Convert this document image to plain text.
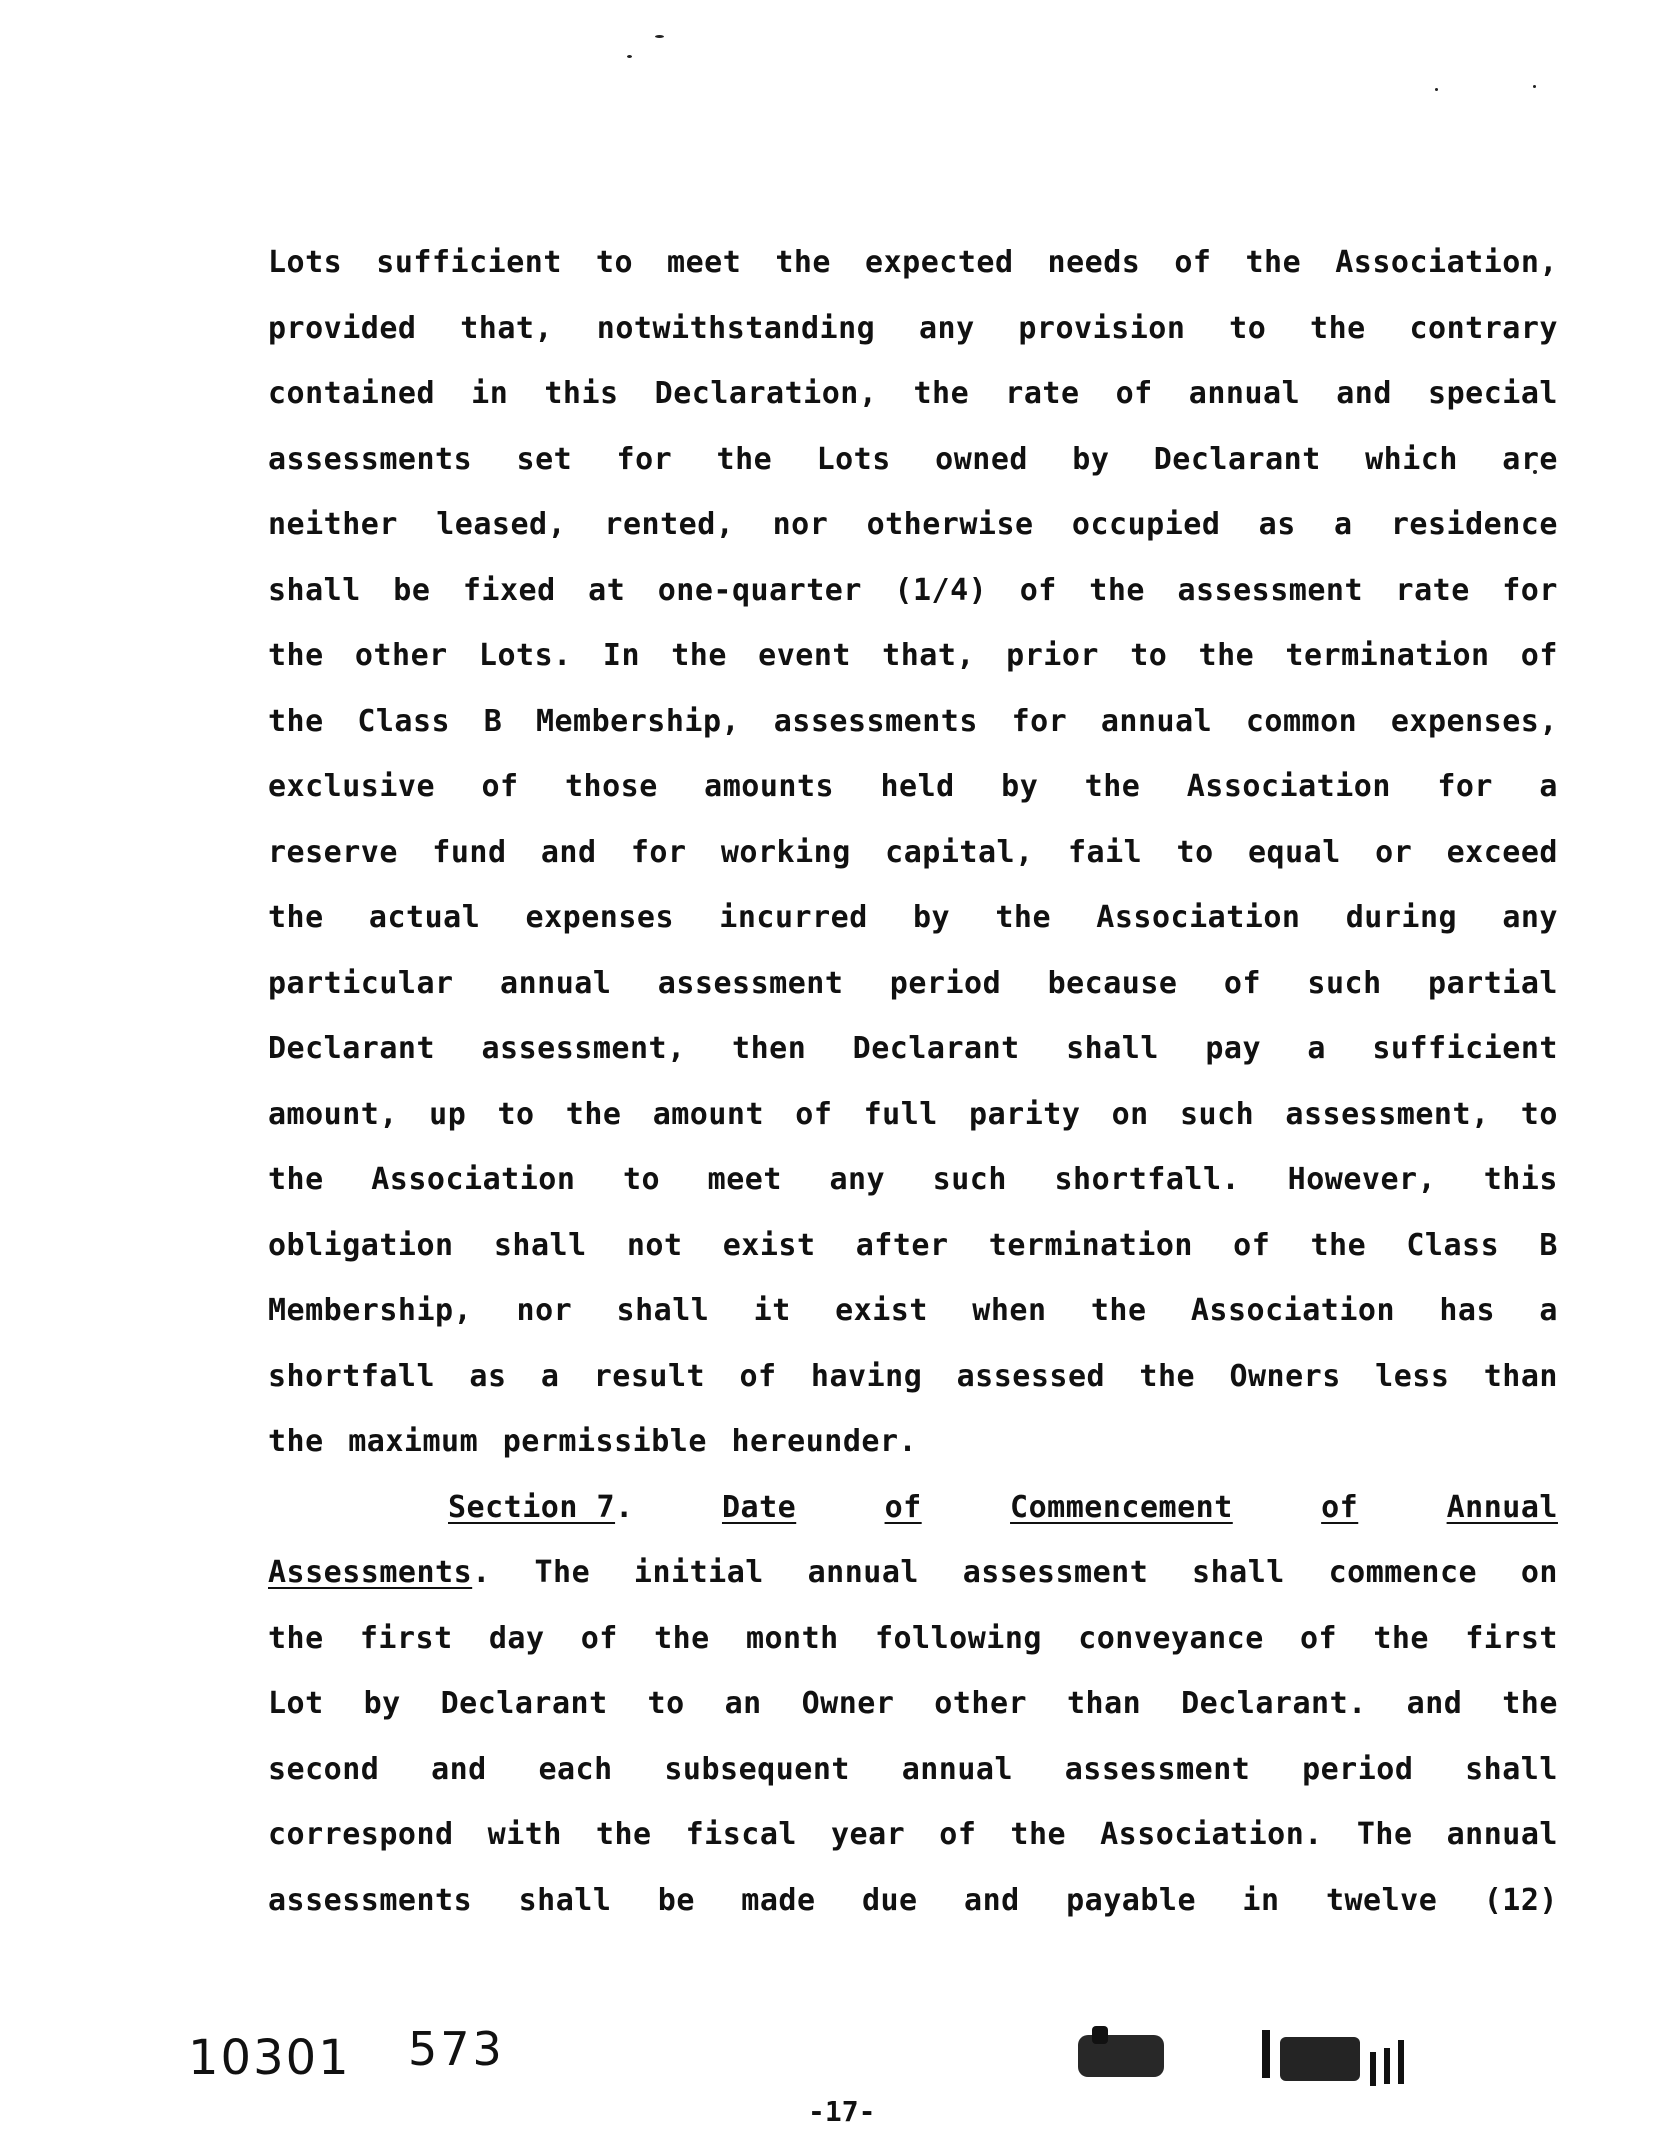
Lots sufficient to meet the expected needs of the Association,
provided that, notwithstanding any provision to the contrary
contained in this Declaration, the rate of annual and special
assessments set for the Lots owned by Declarant which are
neither leased, rented, nor otherwise occupied as a residence
shall be fixed at one-quarter (1/4) of the assessment rate for
the other Lots. In the event that, prior to the termination of
the Class B Membership, assessments for annual common expenses,
exclusive of those amounts held by the Association for a
reserve fund and for working capital, fail to equal or exceed
the actual expenses incurred by the Association during any
particular annual assessment period because of such partial
Declarant assessment, then Declarant shall pay a sufficient
amount, up to the amount of full parity on such assessment, to
the Association to meet any such shortfall. However, this
obligation shall not exist after termination of the Class B
Membership, nor shall it exist when the Association has a
shortfall as a result of having assessed the Owners less than
the maximum permissible hereunder.
Section 7.	Date	of	Commencement	of	Annual
Assessments. The initial annual assessment shall commence on
the first day of the month following conveyance of the first
Lot by Declarant to an Owner other than Declarant. and the
second and each subsequent annual assessment period shall
correspond with the fiscal year of the Association. The annual
assessments shall be made due and payable in twelve (12)
10301 573
-17-
